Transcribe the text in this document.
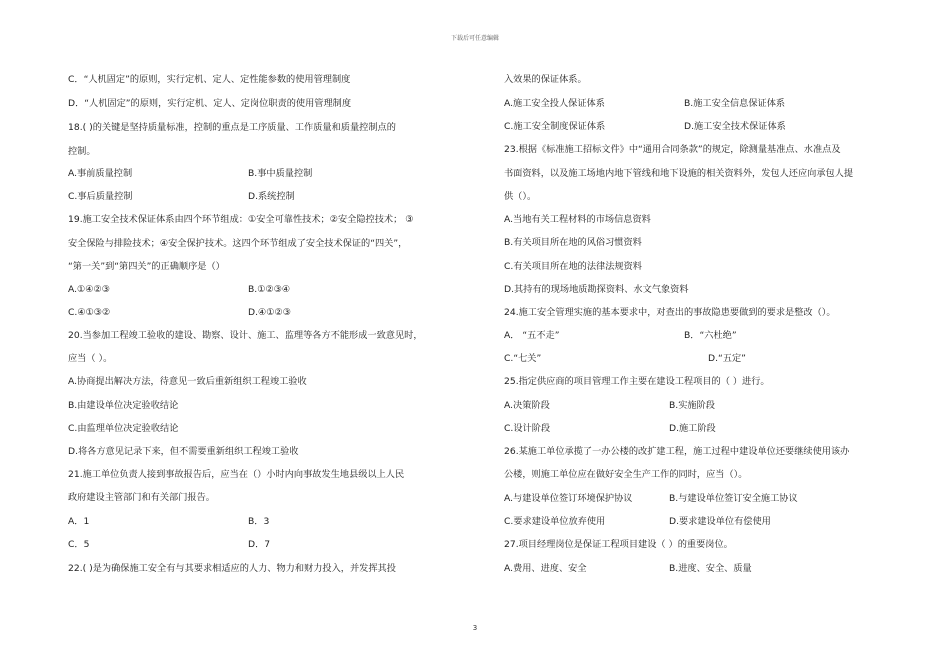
下载后可任意编辑
C．“人机固定”的原则，实行定机、定人、定性能参数的使用管理制度
D．“人机固定”的原则，实行定机、定人、定岗位职责的使用管理制度
18.( )的关键是坚持质量标准，控制的重点是工序质量、工作质量和质量控制点的
控制。
A.事前质量控制	B.事中质量控制
C.事后质量控制	D.系统控制
19.施工安全技术保证体系由四个环节组成：①安全可靠性技术；②安全隐控技术； ③
安全保险与排险技术；④安全保护技术。这四个环节组成了安全技术保证的“四关”，
“第一关”到“第四关”的正确顺序是（）
A.①④②③	B.①②③④
C.④①③②	D.④①②③
20.当参加工程竣工验收的建设、勘察、设计、施工、监理等各方不能形成一致意见时，
应当（ ）。
A.协商提出解决方法，待意见一致后重新组织工程竣工验收
B.由建设单位决定验收结论
C.由监理单位决定验收结论
D.将各方意见记录下来，但不需要重新组织工程竣工验收
21.施工单位负责人接到事故报告后，应当在（）小时内向事故发生地县级以上人民
政府建设主管部门和有关部门报告。
A．1	B．3
C．5	D．7
22.( )是为确保施工安全有与其要求相适应的人力、物力和财力投入，并发挥其投
入效果的保证体系。
A.施工安全投人保证体系	B.施工安全信息保证体系
C.施工安全制度保证体系	D.施工安全技术保证体系
23.根据《标准施工招标文件》中“通用合同条款”的规定，除测量基准点、水准点及
书面资料，以及施工场地内地下管线和地下设施的相关资料外，发包人还应向承包人提
供（）。
A.当地有关工程材料的市场信息资料
B.有关项目所在地的风俗习惯资料
C.有关项目所在地的法律法规资料
D.其持有的现场地质勘探资料、水文气象资料
24.施工安全管理实施的基本要求中，对查出的事故隐患要做到的要求是整改（）。
A． “五不走”	B．“六杜绝”
C.“七关”	D.“五定”
25.指定供应商的项目管理工作主要在建设工程项目的（ ）进行。
A.决策阶段	B.实施阶段
C.设计阶段	D.施工阶段
26.某施工单位承揽了一办公楼的改扩建工程，施工过程中建设单位还要继续使用该办
公楼，则施工单位应在做好安全生产工作的同时，应当（）。
A.与建设单位签订环境保护协议	B.与建设单位签订安全施工协议
C.要求建设单位放弃使用	D.要求建设单位有偿使用
27.项目经理岗位是保证工程项目建设（ ）的重要岗位。
A.费用、进度、安全	B.进度、安全、质量
3
